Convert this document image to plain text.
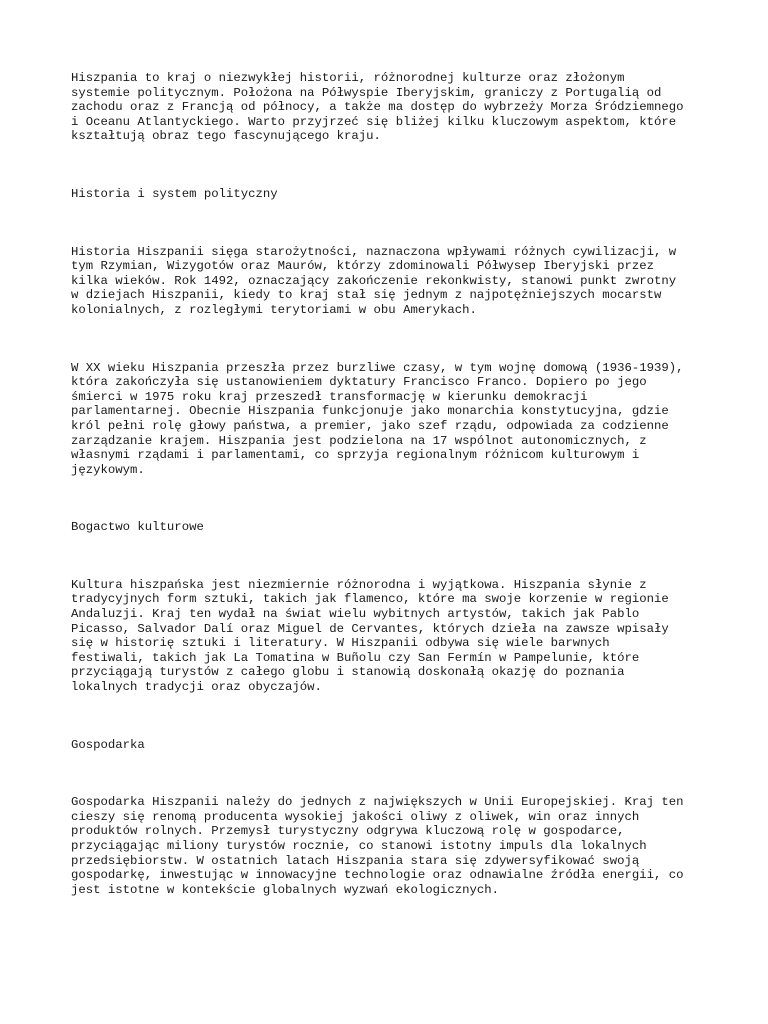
Hiszpania to kraj o niezwykłej historii, różnorodnej kulturze oraz złożonym
systemie politycznym. Położona na Półwyspie Iberyjskim, graniczy z Portugalią od
zachodu oraz z Francją od północy, a także ma dostęp do wybrzeży Morza Śródziemnego
i Oceanu Atlantyckiego. Warto przyjrzeć się bliżej kilku kluczowym aspektom, które
kształtują obraz tego fascynującego kraju.

Historia i system polityczny

Historia Hiszpanii sięga starożytności, naznaczona wpływami różnych cywilizacji, w
tym Rzymian, Wizygotów oraz Maurów, którzy zdominowali Półwysep Iberyjski przez
kilka wieków. Rok 1492, oznaczający zakończenie rekonkwisty, stanowi punkt zwrotny
w dziejach Hiszpanii, kiedy to kraj stał się jednym z najpotężniejszych mocarstw
kolonialnych, z rozległymi terytoriami w obu Amerykach.

W XX wieku Hiszpania przeszła przez burzliwe czasy, w tym wojnę domową (1936-1939),
która zakończyła się ustanowieniem dyktatury Francisco Franco. Dopiero po jego
śmierci w 1975 roku kraj przeszedł transformację w kierunku demokracji
parlamentarnej. Obecnie Hiszpania funkcjonuje jako monarchia konstytucyjna, gdzie
król pełni rolę głowy państwa, a premier, jako szef rządu, odpowiada za codzienne
zarządzanie krajem. Hiszpania jest podzielona na 17 wspólnot autonomicznych, z
własnymi rządami i parlamentami, co sprzyja regionalnym różnicom kulturowym i
językowym.

Bogactwo kulturowe

Kultura hiszpańska jest niezmiernie różnorodna i wyjątkowa. Hiszpania słynie z
tradycyjnych form sztuki, takich jak flamenco, które ma swoje korzenie w regionie
Andaluzji. Kraj ten wydał na świat wielu wybitnych artystów, takich jak Pablo
Picasso, Salvador Dalí oraz Miguel de Cervantes, których dzieła na zawsze wpisały
się w historię sztuki i literatury. W Hiszpanii odbywa się wiele barwnych
festiwali, takich jak La Tomatina w Buñolu czy San Fermín w Pampelunie, które
przyciągają turystów z całego globu i stanowią doskonałą okazję do poznania
lokalnych tradycji oraz obyczajów.

Gospodarka

Gospodarka Hiszpanii należy do jednych z największych w Unii Europejskiej. Kraj ten
cieszy się renomą producenta wysokiej jakości oliwy z oliwek, win oraz innych
produktów rolnych. Przemysł turystyczny odgrywa kluczową rolę w gospodarce,
przyciągając miliony turystów rocznie, co stanowi istotny impuls dla lokalnych
przedsiębiorstw. W ostatnich latach Hiszpania stara się zdywersyfikować swoją
gospodarkę, inwestując w innowacyjne technologie oraz odnawialne źródła energii, co
jest istotne w kontekście globalnych wyzwań ekologicznych.
